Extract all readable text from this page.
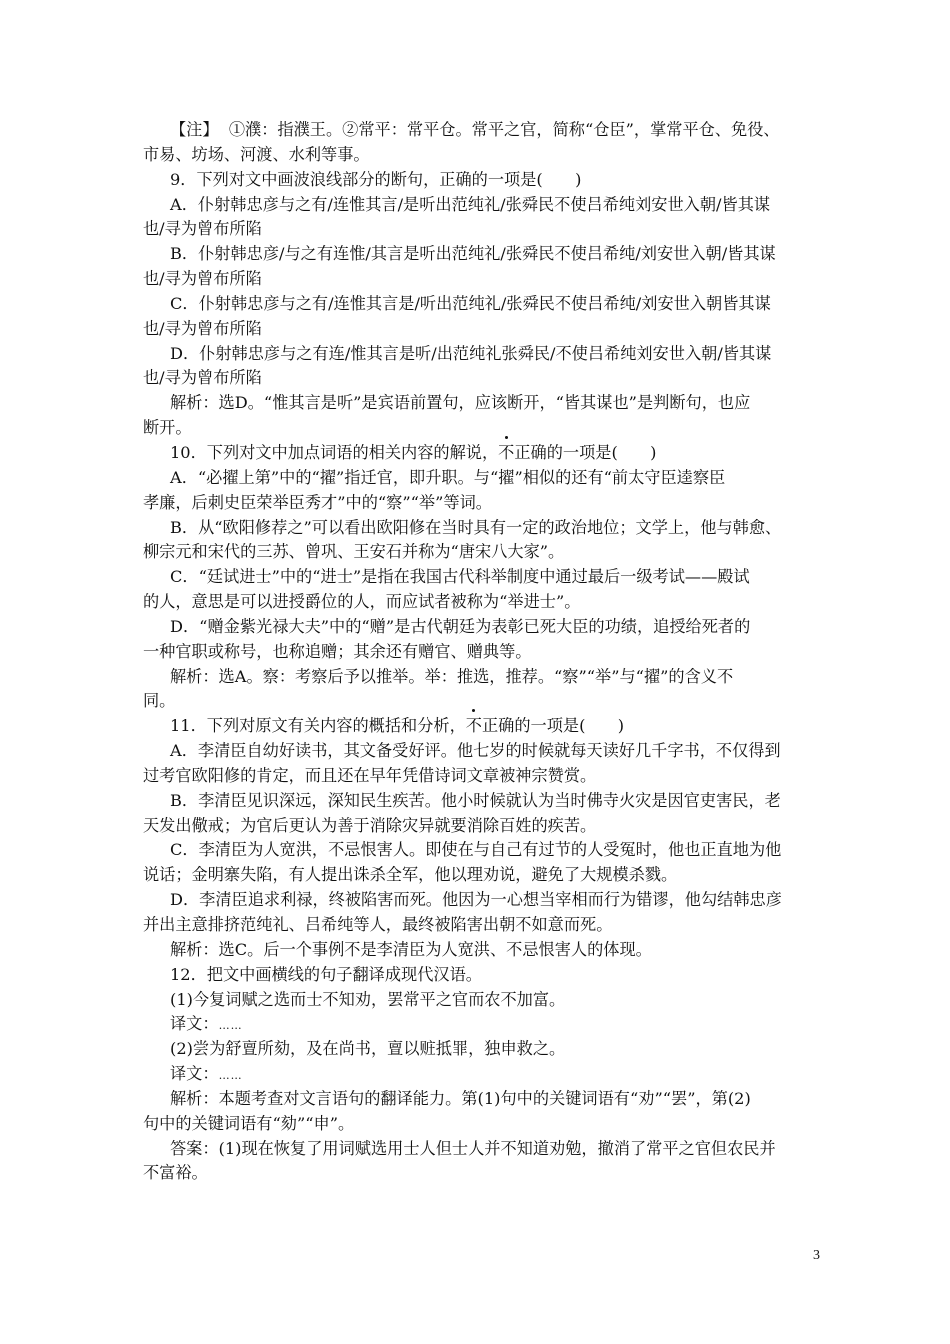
【注】  ①濮：指濮王。②常平：常平仓。常平之官，简称“仓臣”，掌常平仓、免役、
市易、坊场、河渡、水利等事。
9．下列对文中画波浪线部分的断句，正确的一项是(　　)
A．仆射韩忠彦与之有/连惟其言/是听出范纯礼/张舜民不使吕希纯刘安世入朝/皆其谋
也/寻为曾布所陷
B．仆射韩忠彦/与之有连惟/其言是听出范纯礼/张舜民不使吕希纯/刘安世入朝/皆其谋
也/寻为曾布所陷
C．仆射韩忠彦与之有/连惟其言是/听出范纯礼/张舜民不使吕希纯/刘安世入朝皆其谋
也/寻为曾布所陷
D．仆射韩忠彦与之有连/惟其言是听/出范纯礼张舜民/不使吕希纯刘安世入朝/皆其谋
也/寻为曾布所陷
解析：选D。“惟其言是听”是宾语前置句，应该断开，“皆其谋也”是判断句，也应
断开。
10．下列对文中加点词语的相关内容的解说，不正确的一项是(　　)
A．“必擢上第”中的“擢”指迁官，即升职。与“擢”相似的还有“前太守臣逵察臣
孝廉，后刺史臣荣举臣秀才”中的“察”“举”等词。
B．从“欧阳修荐之”可以看出欧阳修在当时具有一定的政治地位；文学上，他与韩愈、
柳宗元和宋代的三苏、曾巩、王安石并称为“唐宋八大家”。
C．“廷试进士”中的“进士”是指在我国古代科举制度中通过最后一级考试——殿试
的人，意思是可以进授爵位的人，而应试者被称为“举进士”。
D．“赠金紫光禄大夫”中的“赠”是古代朝廷为表彰已死大臣的功绩，追授给死者的
一种官职或称号，也称追赠；其余还有赠官、赠典等。
解析：选A。察：考察后予以推举。举：推选，推荐。“察”“举”与“擢”的含义不
同。
11．下列对原文有关内容的概括和分析，不正确的一项是(　　)
A．李清臣自幼好读书，其文备受好评。他七岁的时候就每天读好几千字书，不仅得到
过考官欧阳修的肯定，而且还在早年凭借诗词文章被神宗赞赏。
B．李清臣见识深远，深知民生疾苦。他小时候就认为当时佛寺火灾是因官吏害民，老
天发出儆戒；为官后更认为善于消除灾异就要消除百姓的疾苦。
C．李清臣为人宽洪，不忌恨害人。即使在与自己有过节的人受冤时，他也正直地为他
说话；金明寨失陷，有人提出诛杀全军，他以理劝说，避免了大规模杀戮。
D．李清臣追求利禄，终被陷害而死。他因为一心想当宰相而行为错谬，他勾结韩忠彦
并出主意排挤范纯礼、吕希纯等人，最终被陷害出朝不如意而死。
解析：选C。后一个事例不是李清臣为人宽洪、不忌恨害人的体现。
12．把文中画横线的句子翻译成现代汉语。
(1)今复词赋之选而士不知劝，罢常平之官而农不加富。
译文：……
(2)尝为舒亶所劾，及在尚书，亶以赃抵罪，独申救之。
译文：……
解析：本题考查对文言语句的翻译能力。第(1)句中的关键词语有“劝”“罢”，第(2)
句中的关键词语有“劾”“申”。
答案：(1)现在恢复了用词赋选用士人但士人并不知道劝勉，撤消了常平之官但农民并
不富裕。
3
